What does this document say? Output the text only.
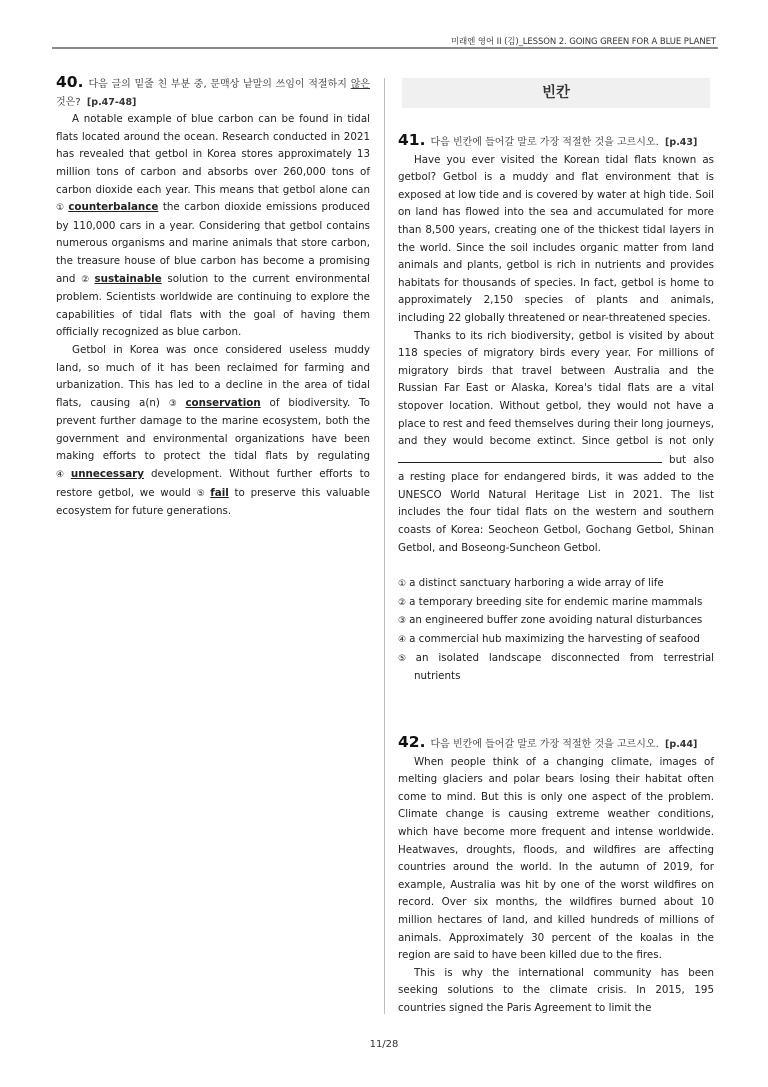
미래엔 영어 II (김)_LESSON 2. GOING GREEN FOR A BLUE PLANET
40. 다음 글의 밑줄 친 부분 중, 문맥상 낱말의 쓰임이 적절하지 않은 것은? [p.47-48]

A notable example of blue carbon can be found in tidal flats located around the ocean. Research conducted in 2021 has revealed that getbol in Korea stores approximately 13 million tons of carbon and absorbs over 260,000 tons of carbon dioxide each year. This means that getbol alone can ① counterbalance the carbon dioxide emissions produced by 110,000 cars in a year. Considering that getbol contains numerous organisms and marine animals that store carbon, the treasure house of blue carbon has become a promising and ② sustainable solution to the current environmental problem. Scientists worldwide are continuing to explore the capabilities of tidal flats with the goal of having them officially recognized as blue carbon.

Getbol in Korea was once considered useless muddy land, so much of it has been reclaimed for farming and urbanization. This has led to a decline in the area of tidal flats, causing a(n) ③ conservation of biodiversity. To prevent further damage to the marine ecosystem, both the government and environmental organizations have been making efforts to protect the tidal flats by regulating ④ unnecessary development. Without further efforts to restore getbol, we would ⑤ fail to preserve this valuable ecosystem for future generations.

빈칸
41. 다음 빈칸에 들어갈 말로 가장 적절한 것을 고르시오. [p.43]

Have you ever visited the Korean tidal flats known as getbol? Getbol is a muddy and flat environment that is exposed at low tide and is covered by water at high tide. Soil on land has flowed into the sea and accumulated for more than 8,500 years, creating one of the thickest tidal layers in the world. Since the soil includes organic matter from land animals and plants, getbol is rich in nutrients and provides habitats for thousands of species. In fact, getbol is home to approximately 2,150 species of plants and animals, including 22 globally threatened or near-threatened species.

Thanks to its rich biodiversity, getbol is visited by about 118 species of migratory birds every year. For millions of migratory birds that travel between Australia and the Russian Far East or Alaska, Korea's tidal flats are a vital stopover location. Without getbol, they would not have a place to rest and feed themselves during their long journeys, and they would become extinct. Since getbol is not only  but also a resting place for endangered birds, it was added to the UNESCO World Natural Heritage List in 2021. The list includes the four tidal flats on the western and southern coasts of Korea: Seocheon Getbol, Gochang Getbol, Shinan Getbol, and Boseong-Suncheon Getbol.

① a distinct sanctuary harboring a wide array of life
② a temporary breeding site for endemic marine mammals
③ an engineered buffer zone avoiding natural disturbances
④ a commercial hub maximizing the harvesting of seafood
⑤ an isolated landscape disconnected from terrestrial nutrients
42. 다음 빈칸에 들어갈 말로 가장 적절한 것을 고르시오. [p.44]

When people think of a changing climate, images of melting glaciers and polar bears losing their habitat often come to mind. But this is only one aspect of the problem. Climate change is causing extreme weather conditions, which have become more frequent and intense worldwide. Heatwaves, droughts, floods, and wildfires are affecting countries around the world. In the autumn of 2019, for example, Australia was hit by one of the worst wildfires on record. Over six months, the wildfires burned about 10 million hectares of land, and killed hundreds of millions of animals. Approximately 30 percent of the koalas in the region are said to have been killed due to the fires.

This is why the international community has been seeking solutions to the climate crisis. In 2015, 195 countries signed the Paris Agreement to limit the

11/28
